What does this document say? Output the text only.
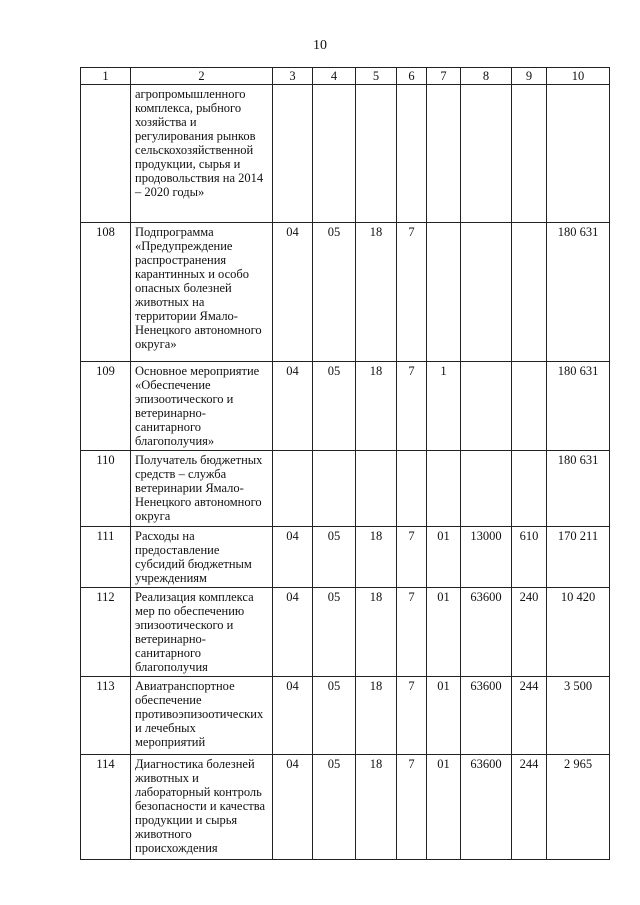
10
1	2	3	4	5	6	7	8	9	10
	агропромышленного комплекса, рыбного хозяйства и регулирования рынков сельскохозяйственной продукции, сырья и продовольствия на 2014 – 2020 годы»								
108	Подпрограмма «Предупреждение распространения карантинных и особо опасных болезней животных на территории Ямало-Ненецкого автономного округа»	04	05	18	7				180 631
109	Основное мероприятие «Обеспечение эпизоотического и ветеринарно-санитарного благополучия»	04	05	18	7	1			180 631
110	Получатель бюджетных средств – служба ветеринарии Ямало-Ненецкого автономного округа								180 631
111	Расходы на предоставление субсидий бюджетным учреждениям	04	05	18	7	01	13000	610	170 211
112	Реализация комплекса мер по обеспечению эпизоотического и ветеринарно-санитарного благополучия	04	05	18	7	01	63600	240	10 420
113	Авиатранспортное обеспечение противоэпизоотических и лечебных мероприятий	04	05	18	7	01	63600	244	3 500
114	Диагностика болезней животных и лабораторный контроль безопасности и качества продукции и сырья животного происхождения	04	05	18	7	01	63600	244	2 965
